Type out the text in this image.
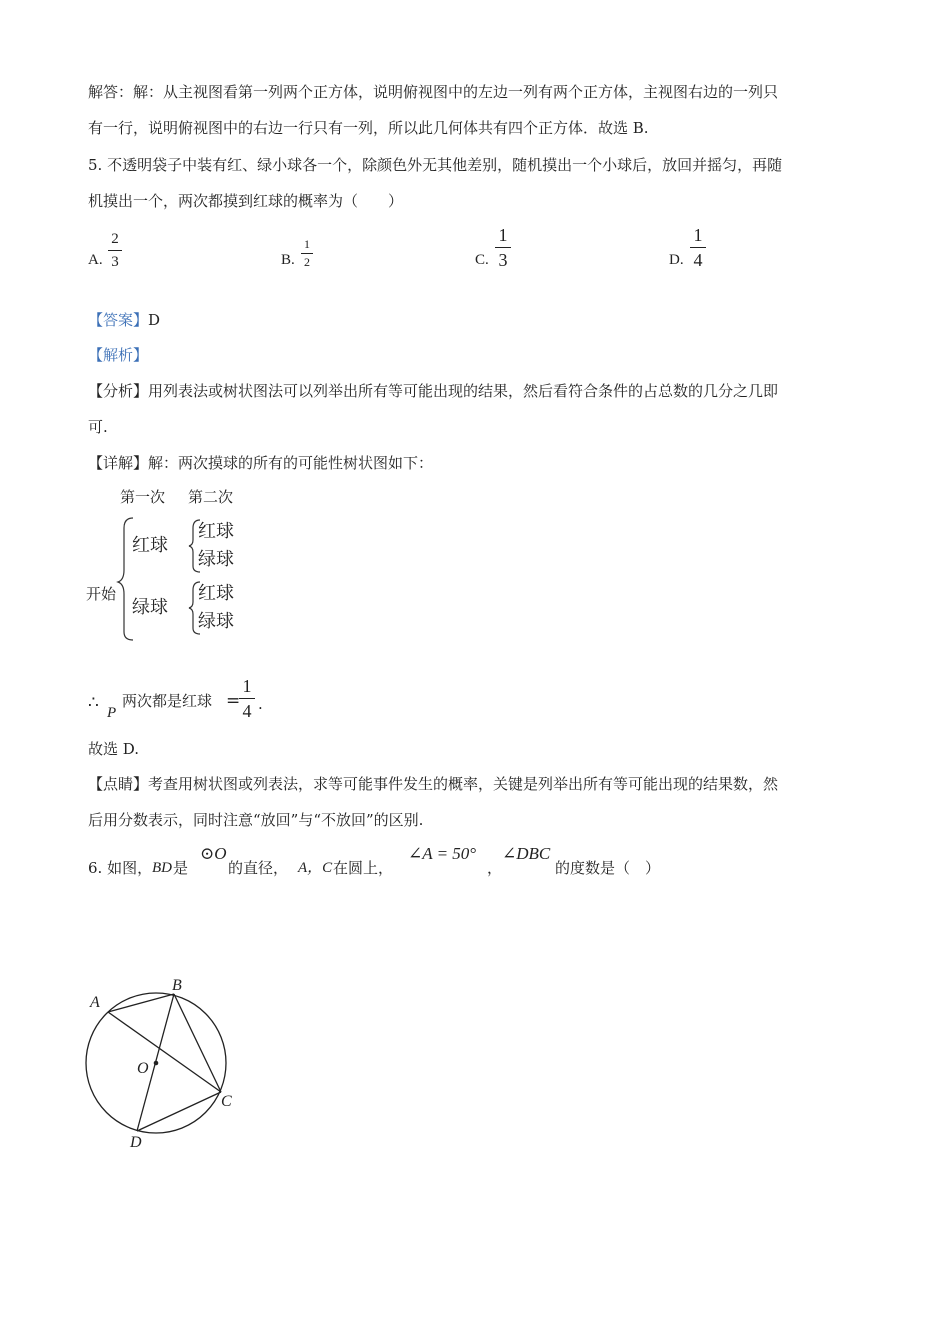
解答：解：从主视图看第一列两个正方体，说明俯视图中的左边一列有两个正方体，主视图右边的一列只
有一行，说明俯视图中的右边一行只有一列，所以此几何体共有四个正方体．故选 B.
5. 不透明袋子中装有红、绿小球各一个，除颜色外无其他差别，随机摸出一个小球后，放回并摇匀，再随
机摸出一个，两次都摸到红球的概率为（　　）
A.
2
3	B.
1
2	C.
1
3	D.
1
4
【答案】D
【解析】
【分析】用列表法或树状图法可以列举出所有等可能出现的结果，然后看符合条件的占总数的几分之几即
可.
【详解】解：两次摸球的所有的可能性树状图如下：
第一次 第二次
开始
红球
绿球
红球
绿球
红球
绿球
∴ P
两次都是红球 =
1
4 .
故选 D.
【点睛】考查用树状图或列表法，求等可能事件发生的概率，关键是列举出所有等可能出现的结果数，然
后用分数表示，同时注意“放回”与“不放回”的区别.
6. 如图， BD 是
⊙O
的直径， A，C 在圆上，
∠A = 50°
，
∠DBC
的度数是（　）
A
B
C
D
O
